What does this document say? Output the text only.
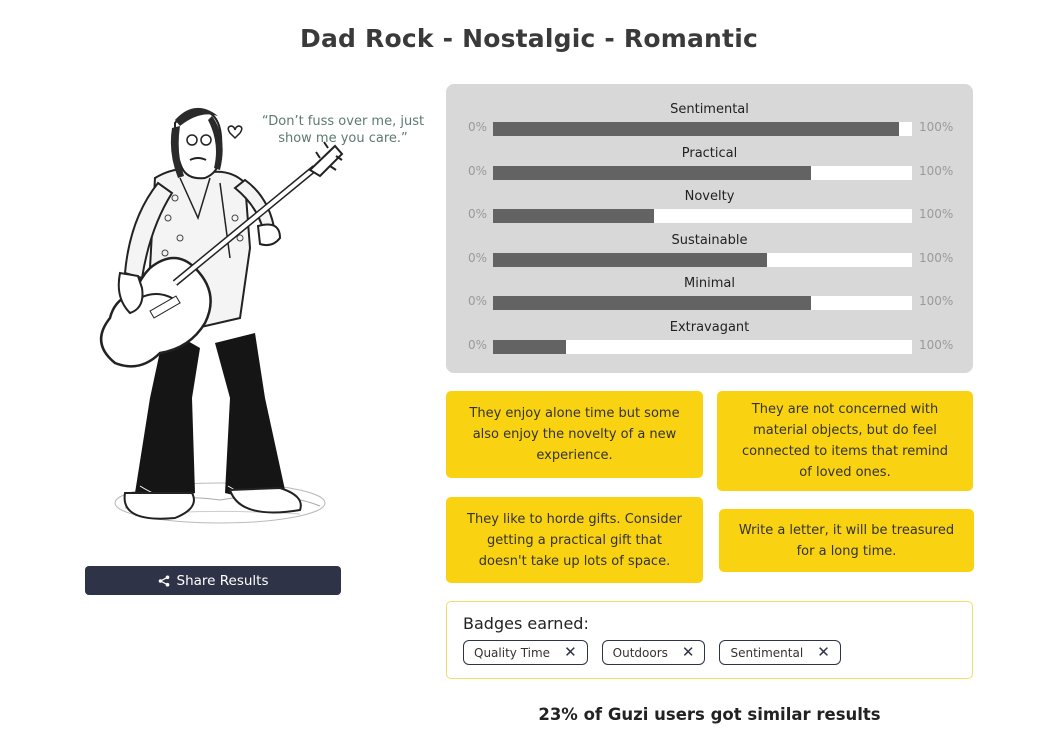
Dad Rock - Nostalgic - Romantic
“Don’t fuss over me, just show me you care.”
Share Results
Sentimental
0%	100%
Practical
0%	100%
Novelty
0%	100%
Sustainable
0%	100%
Minimal
0%	100%
Extravagant
0%	100%
They enjoy alone time but some also enjoy the novelty of a new experience.
They are not concerned with material objects, but do feel connected to items that remind of loved ones.
They like to horde gifts. Consider getting a practical gift that doesn't take up lots of space.
Write a letter, it will be treasured for a long time.
Badges earned:
Quality Time ✕	Outdoors ✕	Sentimental ✕
23% of Guzi users got similar results
